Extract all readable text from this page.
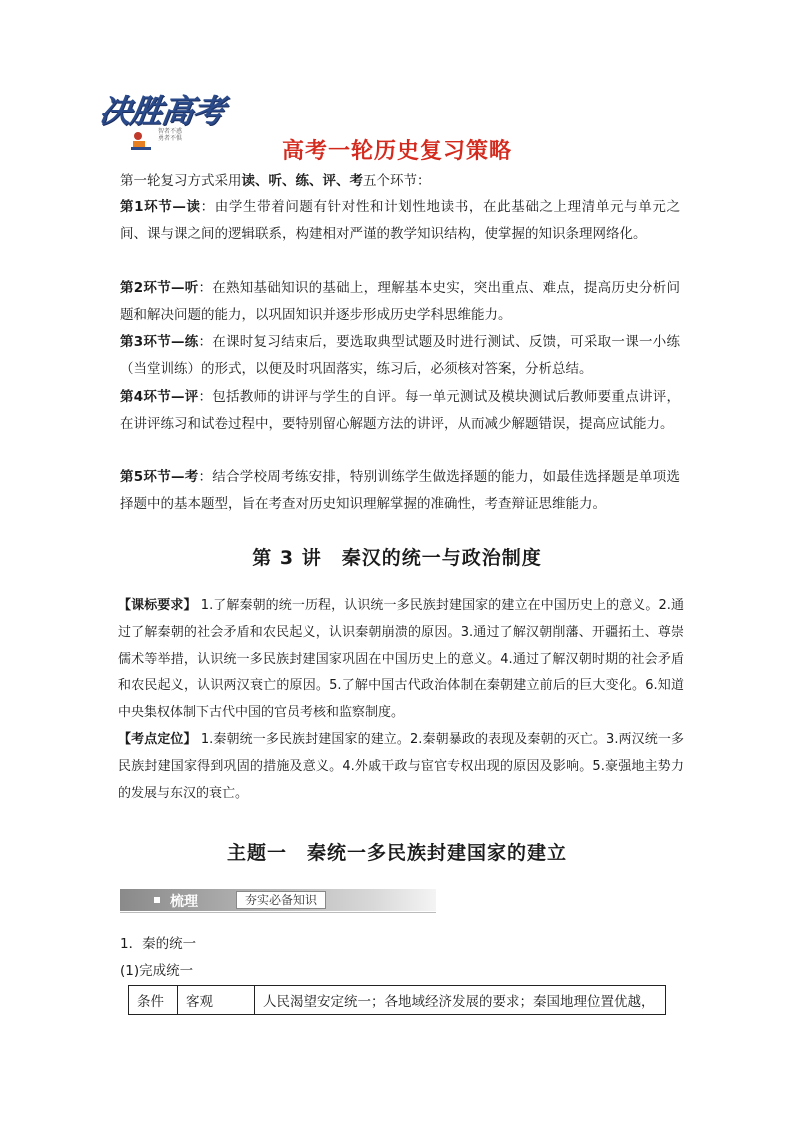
决胜高考
智者不惑
勇者不惧
高考一轮历史复习策略

第一轮复习方式采用读、听、练、评、考五个环节：

第1环节—读：由学生带着问题有针对性和计划性地读书，在此基础之上理清单元与单元之间、课与课之间的逻辑联系，构建相对严谨的教学知识结构，使掌握的知识条理网络化。

第2环节—听：在熟知基础知识的基础上，理解基本史实，突出重点、难点，提高历史分析问题和解决问题的能力，以巩固知识并逐步形成历史学科思维能力。

第3环节—练：在课时复习结束后，要选取典型试题及时进行测试、反馈，可采取一课一小练（当堂训练）的形式，以便及时巩固落实，练习后，必须核对答案，分析总结。

第4环节—评：包括教师的讲评与学生的自评。每一单元测试及模块测试后教师要重点讲评，在讲评练习和试卷过程中，要特别留心解题方法的讲评，从而减少解题错误，提高应试能力。

第5环节—考：结合学校周考练安排，特别训练学生做选择题的能力，如最佳选择题是单项选择题中的基本题型，旨在考查对历史知识理解掌握的准确性，考查辩证思维能力。

第 3 讲　秦汉的统一与政治制度

【课标要求】 1.了解秦朝的统一历程，认识统一多民族封建国家的建立在中国历史上的意义。2.通过了解秦朝的社会矛盾和农民起义，认识秦朝崩溃的原因。3.通过了解汉朝削藩、开疆拓土、尊崇儒术等举措，认识统一多民族封建国家巩固在中国历史上的意义。4.通过了解汉朝时期的社会矛盾和农民起义，认识两汉衰亡的原因。5.了解中国古代政治体制在秦朝建立前后的巨大变化。6.知道中央集权体制下古代中国的官员考核和监察制度。

【考点定位】 1.秦朝统一多民族封建国家的建立。2.秦朝暴政的表现及秦朝的灭亡。3.两汉统一多民族封建国家得到巩固的措施及意义。4.外戚干政与宦官专权出现的原因及影响。5.豪强地主势力的发展与东汉的衰亡。

主题一　秦统一多民族封建国家的建立
梳理	夯实必备知识
1．秦的统一
(1)完成统一
条件	客观	人民渴望安定统一；各地域经济发展的要求；秦国地理位置优越，
